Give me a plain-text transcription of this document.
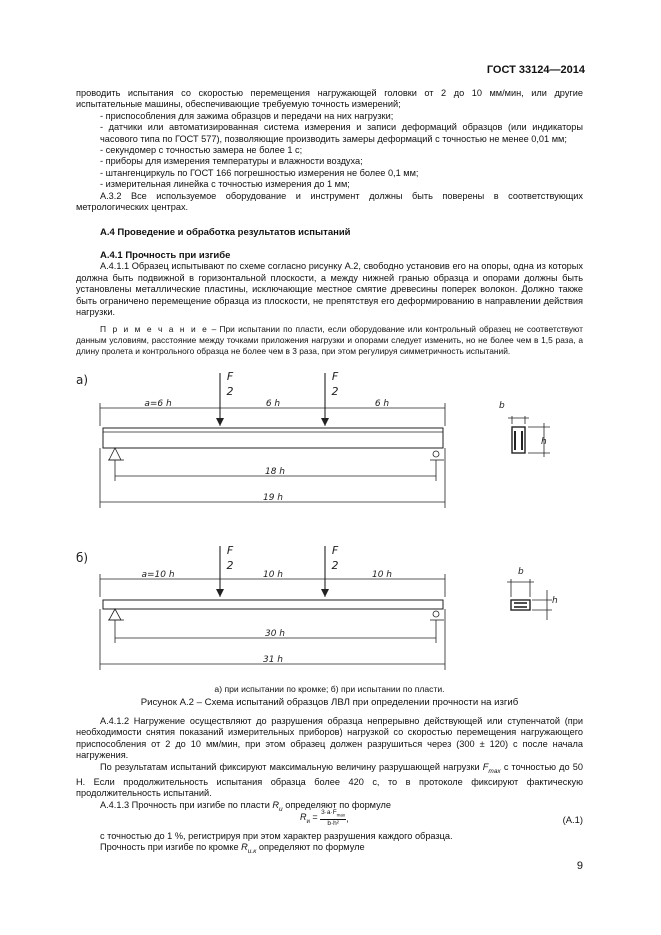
ГОСТ 33124—2014

проводить испытания со скоростью перемещения нагружающей головки от 2 до 10 мм/мин, или другие испытательные машины, обеспечивающие требуемую точность измерений;

- приспособления для зажима образцов и передачи на них нагрузки;

- датчики или автоматизированная система измерения и записи деформаций образцов (или индикаторы часового типа по ГОСТ 577), позволяющие производить замеры деформаций с точностью не менее 0,01 мм;

- секундомер с точностью замера не более 1 с;

- приборы для измерения температуры и влажности воздуха;

- штангенциркуль по ГОСТ 166 погрешностью измерения не более 0,1 мм;

- измерительная линейка с точностью измерения до 1 мм;

А.3.2 Все используемое оборудование и инструмент должны быть поверены в соответствующих метрологических центрах.

А.4 Проведение и обработка результатов испытаний

А.4.1 Прочность при изгибе

А.4.1.1 Образец испытывают по схеме согласно рисунку А.2, свободно установив его на опоры, одна из которых должна быть подвижной в горизонтальной плоскости, а между нижней гранью образца и опорами должны быть установлены металлические пластины, исключающие местное смятие древесины поперек волокон. Должно также быть ограничено перемещение образца из плоскости, не препятствуя его деформированию в направлении действия нагрузки.

П р и м е ч а н и е – При испытании по пласти, если оборудование или контрольный образец не соответствуют данным условиям, расстояние между точками приложения нагрузки и опорами следует изменить, но не более чем в 1,5 раза, а длину пролета и контрольного образца не более чем в 3 раза, при этом регулируя симметричность испытаний.

а)
б)
a=6 h	6 h	6 h
F
2
F
2
18 h
19 h
b
h
a=10 h	10 h	10 h
F
2
F
2
30 h
31 h
b
h
а) при испытании по кромке; б) при испытании по пласти.
Рисунок А.2 – Схема испытаний образцов ЛВЛ при определении прочности на изгиб

А.4.1.2 Нагружение осуществляют до разрушения образца непрерывно действующей или ступенчатой (при необходимости снятия показаний измерительных приборов) нагрузкой со скоростью перемещения нагружающего приспособления от 2 до 10 мм/мин, при этом образец должен разрушиться через (300 ± 120) с после начала нагружения.

По результатам испытаний фиксируют максимальную величину разрушающей нагрузки $F_{max}$ с точностью до 50 Н. Если продолжительность испытания образца более 420 с, то в протоколе фиксируют фактическую продолжительность испытаний.

А.4.1.3 Прочность при изгибе по пласти $R_и$ определяют по формуле

$R_и = 3\cdot a\cdot F_{max}$
b·h²
,	(А.1)

с точностью до 1 %, регистрируя при этом характер разрушения каждого образца.

Прочность при изгибе по кромке $R_{и.к}$ определяют по формуле

9
